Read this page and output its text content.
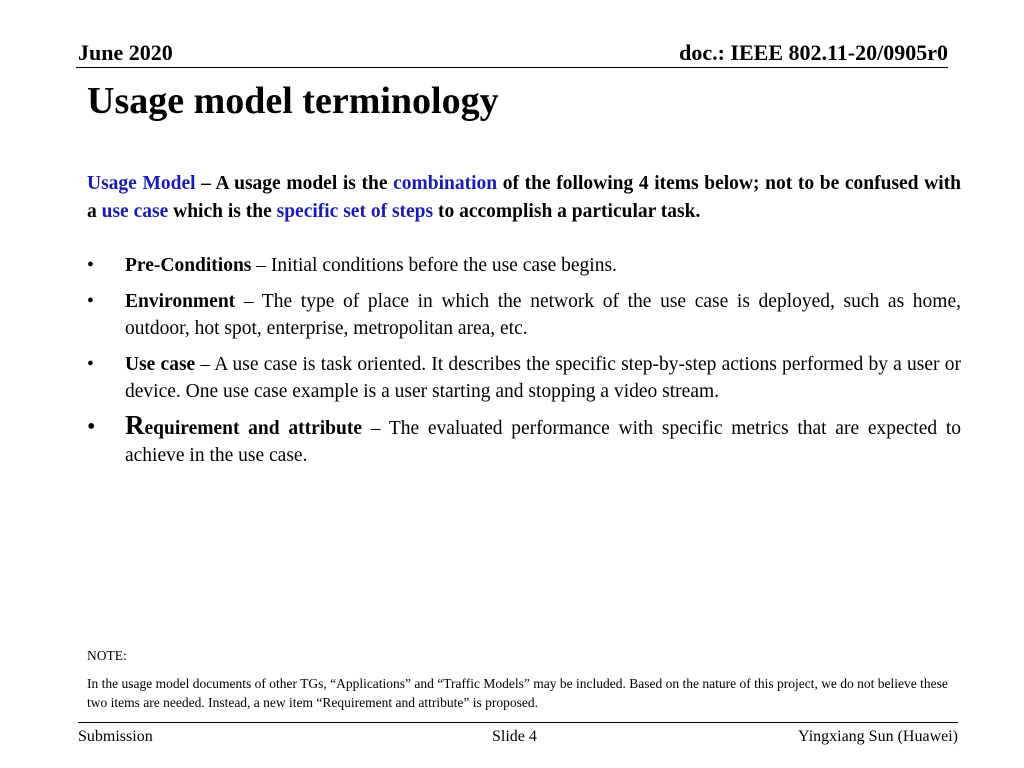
June 2020	doc.: IEEE 802.11-20/0905r0
Usage model terminology
Usage Model – A usage model is the combination of the following 4 items below; not to be confused with a use case which is the specific set of steps to accomplish a particular task.
• Pre-Conditions – Initial conditions before the use case begins.
• Environment – The type of place in which the network of the use case is deployed, such as home, outdoor, hot spot, enterprise, metropolitan area, etc.
• Use case – A use case is task oriented. It describes the specific step-by-step actions performed by a user or device. One use case example is a user starting and stopping a video stream.
• Requirement and attribute – The evaluated performance with specific metrics that are expected to achieve in the use case.
NOTE:
In the usage model documents of other TGs, “Applications” and “Traffic Models” may be included. Based on the nature of this project, we do not believe these two items are needed. Instead, a new item “Requirement and attribute” is proposed.
Submission	Slide 4	Yingxiang Sun (Huawei)
